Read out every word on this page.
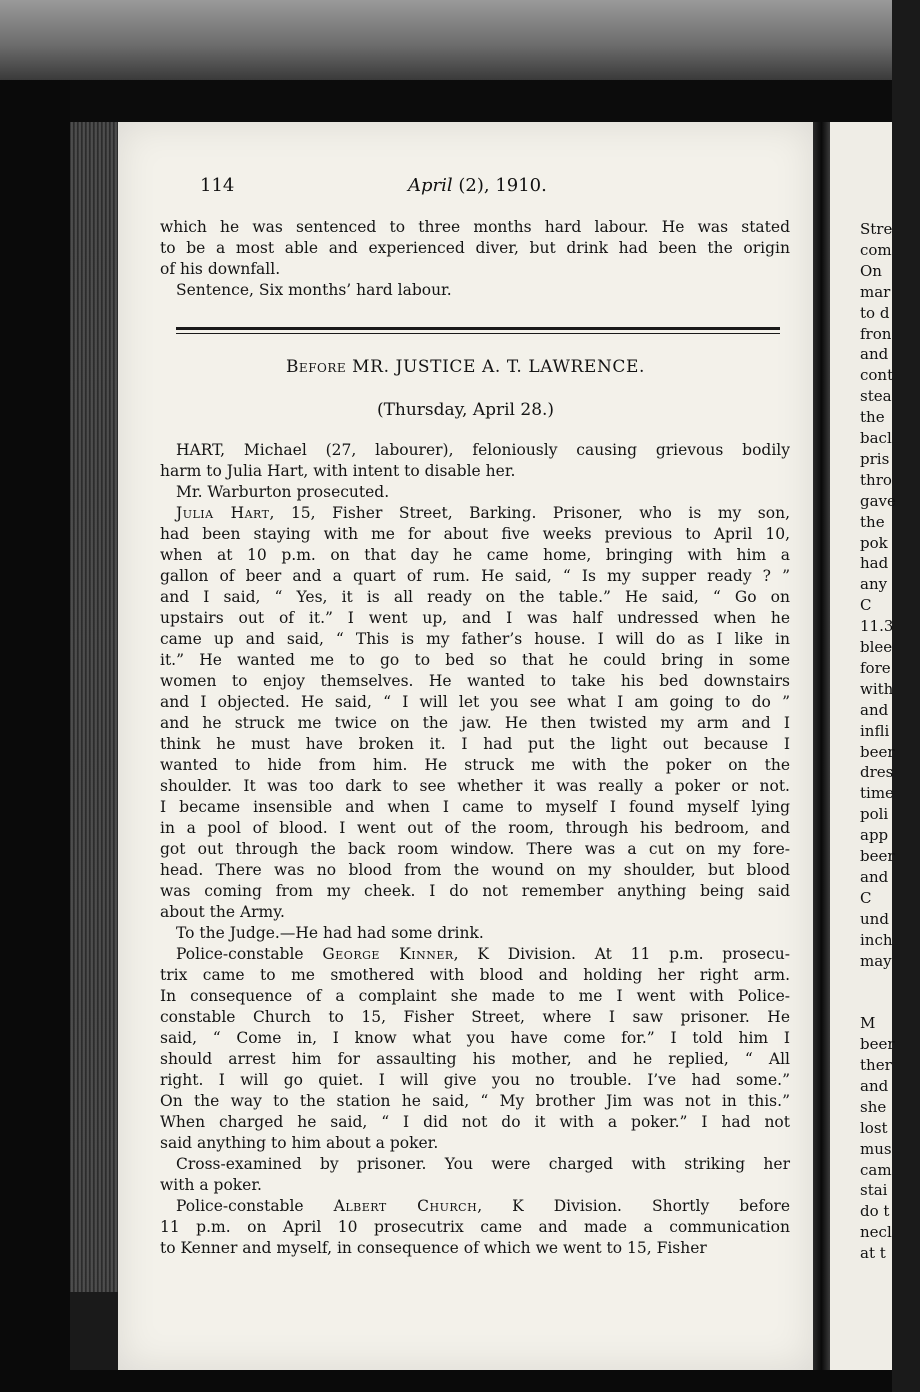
Stre
com
On
mar
to d
fron
and
cont
stea
the
bacl
pris
thro
gave
the
pok
had
any
C
11.3
blee
fore
with
and
infli
beer
dres
time
poli
app
beer
and
C
und
inch
may
M
beer
ther
and
she
lost
mus
cam
stai
do t
necl
at t
114	April (2), 1910.
Before MR. JUSTICE A. T. LAWRENCE.
(Thursday, April 28.)
which he was sentenced to three months hard labour. He was stated
to be a most able and experienced diver, but drink had been the origin
of his downfall.
Sentence, Six months’ hard labour.
HART, Michael (27, labourer), feloniously causing grievous bodily
harm to Julia Hart, with intent to disable her.
Mr. Warburton prosecuted.
Julia Hart, 15, Fisher Street, Barking. Prisoner, who is my son,
had been staying with me for about five weeks previous to April 10,
when at 10 p.m. on that day he came home, bringing with him a
gallon of beer and a quart of rum. He said, “ Is my supper ready ? ”
and I said, “ Yes, it is all ready on the table.” He said, “ Go on
upstairs out of it.” I went up, and I was half undressed when he
came up and said, “ This is my father’s house. I will do as I like in
it.” He wanted me to go to bed so that he could bring in some
women to enjoy themselves. He wanted to take his bed downstairs
and I objected. He said, “ I will let you see what I am going to do ”
and he struck me twice on the jaw. He then twisted my arm and I
think he must have broken it. I had put the light out because I
wanted to hide from him. He struck me with the poker on the
shoulder. It was too dark to see whether it was really a poker or not.
I became insensible and when I came to myself I found myself lying
in a pool of blood. I went out of the room, through his bedroom, and
got out through the back room window. There was a cut on my fore-
head. There was no blood from the wound on my shoulder, but blood
was coming from my cheek. I do not remember anything being said
about the Army.
To the Judge.—He had had some drink.
Police-constable George Kinner, K Division. At 11 p.m. prosecu-
trix came to me smothered with blood and holding her right arm.
In consequence of a complaint she made to me I went with Police-
constable Church to 15, Fisher Street, where I saw prisoner. He
said, “ Come in, I know what you have come for.” I told him I
should arrest him for assaulting his mother, and he replied, “ All
right. I will go quiet. I will give you no trouble. I’ve had some.”
On the way to the station he said, “ My brother Jim was not in this.”
When charged he said, “ I did not do it with a poker.” I had not
said anything to him about a poker.
Cross-examined by prisoner. You were charged with striking her
with a poker.
Police-constable Albert Church, K Division. Shortly before
11 p.m. on April 10 prosecutrix came and made a communication
to Kenner and myself, in consequence of which we went to 15, Fisher
